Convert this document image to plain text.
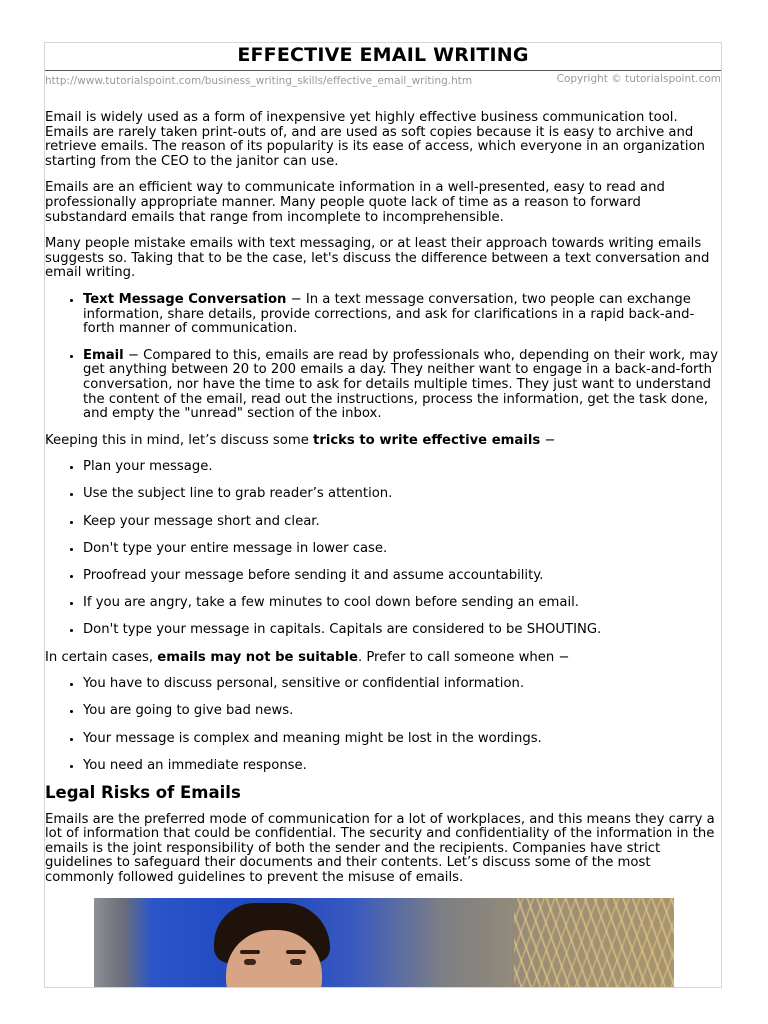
EFFECTIVE EMAIL WRITING
http://www.tutorialspoint.com/business_writing_skills/effective_email_writing.htm	Copyright © tutorialspoint.com

Email is widely used as a form of inexpensive yet highly effective business communication tool. Emails are rarely taken print-outs of, and are used as soft copies because it is easy to archive and retrieve emails. The reason of its popularity is its ease of access, which everyone in an organization starting from the CEO to the janitor can use.

Emails are an efficient way to communicate information in a well-presented, easy to read and professionally appropriate manner. Many people quote lack of time as a reason to forward substandard emails that range from incomplete to incomprehensible.

Many people mistake emails with text messaging, or at least their approach towards writing emails suggests so. Taking that to be the case, let's discuss the difference between a text conversation and email writing.

• Text Message Conversation − In a text message conversation, two people can exchange information, share details, provide corrections, and ask for clarifications in a rapid back-and-forth manner of communication.
• Email − Compared to this, emails are read by professionals who, depending on their work, may get anything between 20 to 200 emails a day. They neither want to engage in a back-and-forth conversation, nor have the time to ask for details multiple times. They just want to understand the content of the email, read out the instructions, process the information, get the task done, and empty the "unread" section of the inbox.

Keeping this in mind, let’s discuss some tricks to write effective emails −

• Plan your message.
• Use the subject line to grab reader’s attention.
• Keep your message short and clear.
• Don't type your entire message in lower case.
• Proofread your message before sending it and assume accountability.
• If you are angry, take a few minutes to cool down before sending an email.
• Don't type your message in capitals. Capitals are considered to be SHOUTING.

In certain cases, emails may not be suitable. Prefer to call someone when −

• You have to discuss personal, sensitive or confidential information.
• You are going to give bad news.
• Your message is complex and meaning might be lost in the wordings.
• You need an immediate response.
Legal Risks of Emails

Emails are the preferred mode of communication for a lot of workplaces, and this means they carry a lot of information that could be confidential. The security and confidentiality of the information in the emails is the joint responsibility of both the sender and the recipients. Companies have strict guidelines to safeguard their documents and their contents. Let’s discuss some of the most commonly followed guidelines to prevent the misuse of emails.
